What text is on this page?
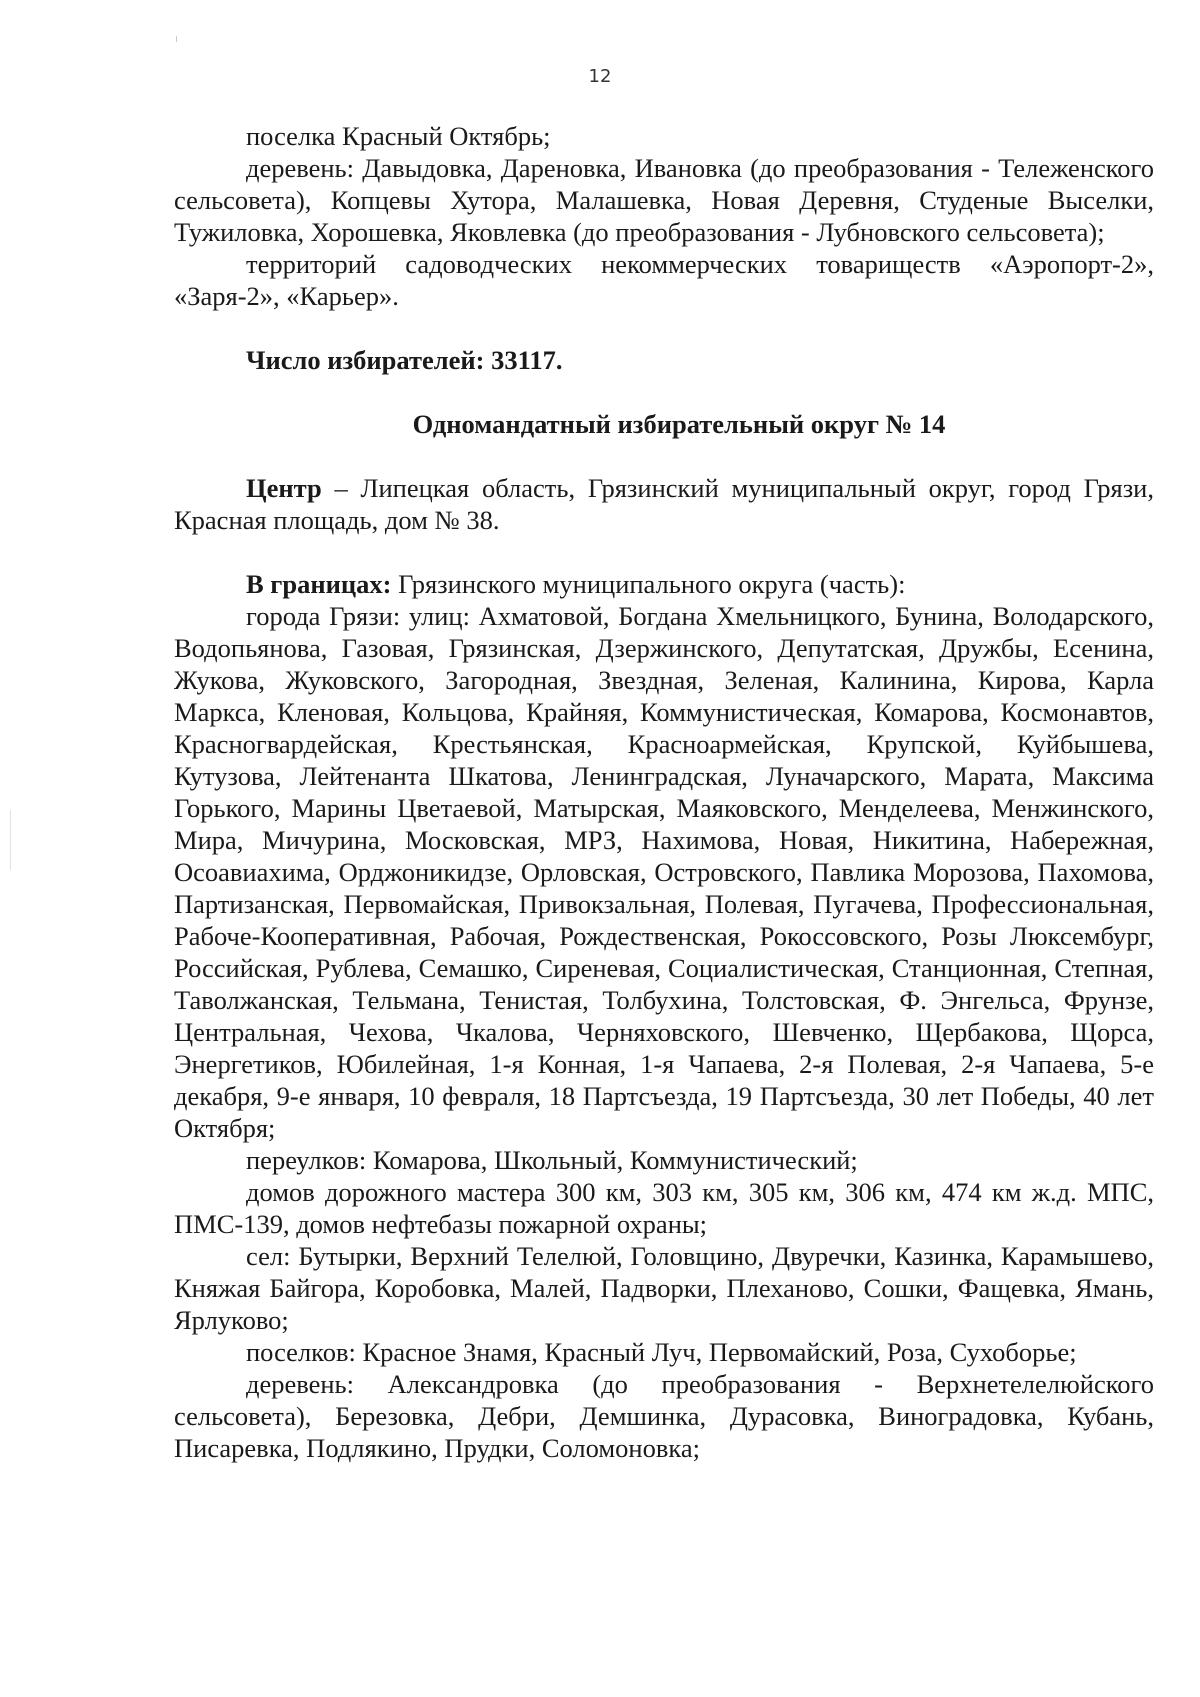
12

поселка Красный Октябрь;

деревень: Давыдовка, Дареновка, Ивановка (до преобразования - Тележенского сельсовета), Копцевы Хутора, Малашевка, Новая Деревня, Студеные Выселки, Тужиловка, Хорошевка, Яковлевка (до преобразования - Лубновского сельсовета);

территорий садоводческих некоммерческих товариществ «Аэропорт-2», «Заря-2», «Карьер».

Число избирателей: 33117.

Одномандатный избирательный округ № 14

Центр – Липецкая область, Грязинский муниципальный округ, город Грязи, Красная площадь, дом № 38.

В границах: Грязинского муниципального округа (часть):

города Грязи: улиц: Ахматовой, Богдана Хмельницкого, Бунина, Володарского, Водопьянова, Газовая, Грязинская, Дзержинского, Депутатская, Дружбы, Есенина, Жукова, Жуковского, Загородная, Звездная, Зеленая, Калинина, Кирова, Карла Маркса, Кленовая, Кольцова, Крайняя, Коммунистическая, Комарова, Космонавтов, Красногвардейская, Крестьянская, Красноармейская, Крупской, Куйбышева, Кутузова, Лейтенанта Шкатова, Ленинградская, Луначарского, Марата, Максима Горького, Марины Цветаевой, Матырская, Маяковского, Менделеева, Менжинского, Мира, Мичурина, Московская, МРЗ, Нахимова, Новая, Никитина, Набережная, Осоавиахима, Орджоникидзе, Орловская, Островского, Павлика Морозова, Пахомова, Партизанская, Первомайская, Привокзальная, Полевая, Пугачева, Профессиональная, Рабоче-Кооперативная, Рабочая, Рождественская, Рокоссовского, Розы Люксембург, Российская, Рублева, Семашко, Сиреневая, Социалистическая, Станционная, Степная, Таволжанская, Тельмана, Тенистая, Толбухина, Толстовская, Ф. Энгельса, Фрунзе, Центральная, Чехова, Чкалова, Черняховского, Шевченко, Щербакова, Щорса, Энергетиков, Юбилейная, 1-я Конная, 1-я Чапаева, 2-я Полевая, 2-я Чапаева, 5-е декабря, 9-е января, 10 февраля, 18 Партсъезда, 19 Партсъезда, 30 лет Победы, 40 лет Октября;

переулков: Комарова, Школьный, Коммунистический;

домов дорожного мастера 300 км, 303 км, 305 км, 306 км, 474 км ж.д. МПС, ПМС-139, домов нефтебазы пожарной охраны;

сел: Бутырки, Верхний Телелюй, Головщино, Двуречки, Казинка, Карамышево, Княжая Байгора, Коробовка, Малей, Падворки, Плеханово, Сошки, Фащевка, Ямань, Ярлуково;

поселков: Красное Знамя, Красный Луч, Первомайский, Роза, Сухоборье;

деревень: Александровка (до преобразования - Верхнетелелюйского сельсовета), Березовка, Дебри, Демшинка, Дурасовка, Виноградовка, Кубань, Писаревка, Подлякино, Прудки, Соломоновка;
